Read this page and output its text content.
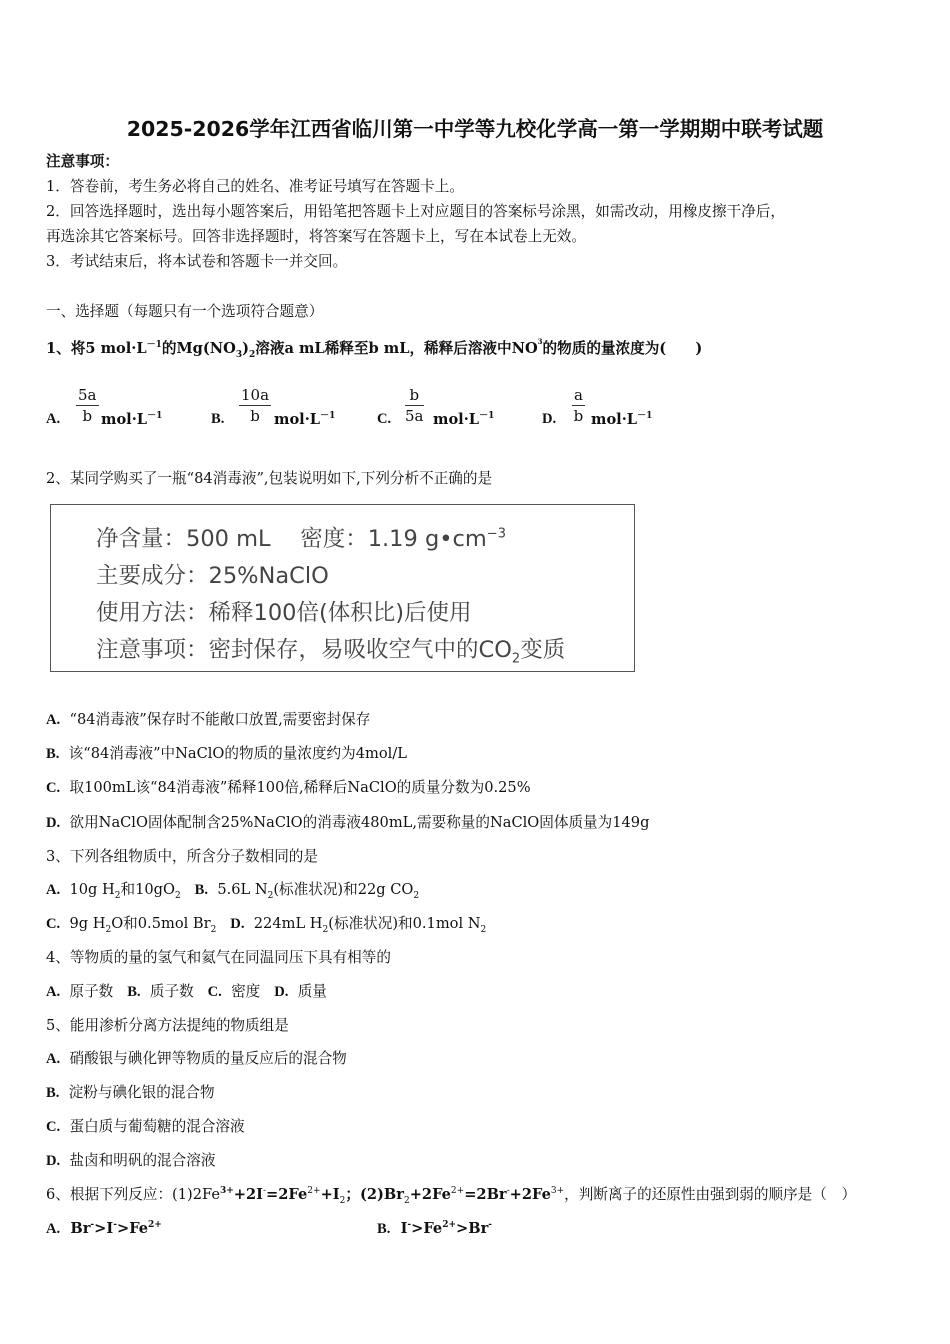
2025-2026学年江西省临川第一中学等九校化学高一第一学期期中联考试题
注意事项：
1．答卷前，考生务必将自己的姓名、准考证号填写在答题卡上。
2．回答选择题时，选出每小题答案后，用铅笔把答题卡上对应题目的答案标号涂黑，如需改动，用橡皮擦干净后，
再选涂其它答案标号。回答非选择题时，将答案写在答题卡上，写在本试卷上无效。
3．考试结束后，将本试卷和答题卡一并交回。
一、选择题（每题只有一个选项符合题意）
1、将5 $mol\cdot L^{-1}$的$Mg(NO_3)_2$溶液a mL稀释至b mL，稀释后溶液中$NO^3$的物质的量浓度为(　　)
A. $\frac{5a}{b} mol\cdot L^{-1}$	B. $\frac{10a}{b} mol\cdot L^{-1}$	C. $\frac{b}{5a} mol\cdot L^{-1}$	D. $\frac{a}{b} mol\cdot L^{-1}$
2、某同学购买了一瓶“84消毒液”,包装说明如下,下列分析不正确的是
净含量：500 mL　 密度：1.19 $g•cm^{-3}$
主要成分：25%NaClO
使用方法：稀释100倍(体积比)后使用
注意事项：密封保存，易吸收空气中的$CO_2$变质
A. “84消毒液”保存时不能敞口放置,需要密封保存
B. 该“84消毒液”中NaClO的物质的量浓度约为4mol/L
C. 取100mL该“84消毒液”稀释100倍,稀释后NaClO的质量分数为0.25%
D. 欲用NaClO固体配制含25%NaClO的消毒液480mL,需要称量的NaClO固体质量为149g
3、下列各组物质中，所含分子数相同的是
A. 10g $H_2$和$10gO_2$ B. 5.6L $N_2$(标准状况)和22g $CO_2$
C. 9g $H_2O$和0.5mol $Br_2$ D. 224mL $H_2$(标准状况)和0.1mol $N_2$
4、等物质的量的氢气和氦气在同温同压下具有相等的
A. 原子数 B. 质子数 C. 密度 D. 质量
5、能用渗析分离方法提纯的物质组是
A. 硝酸银与碘化钾等物质的量反应后的混合物
B. 淀粉与碘化银的混合物
C. 蛋白质与葡萄糖的混合溶液
D. 盐卤和明矾的混合溶液
6、根据下列反应：$(1)2Fe^{3+}+2I^-=2Fe^{2+}+I_2$；$(2)Br_2+2Fe^{2+}=2Br^-+2Fe^{3+}$，判断离子的还原性由强到弱的顺序是（　）
A. $Br^->I^->Fe^{2+}$	B. $I^->Fe^{2+}>Br^-$
